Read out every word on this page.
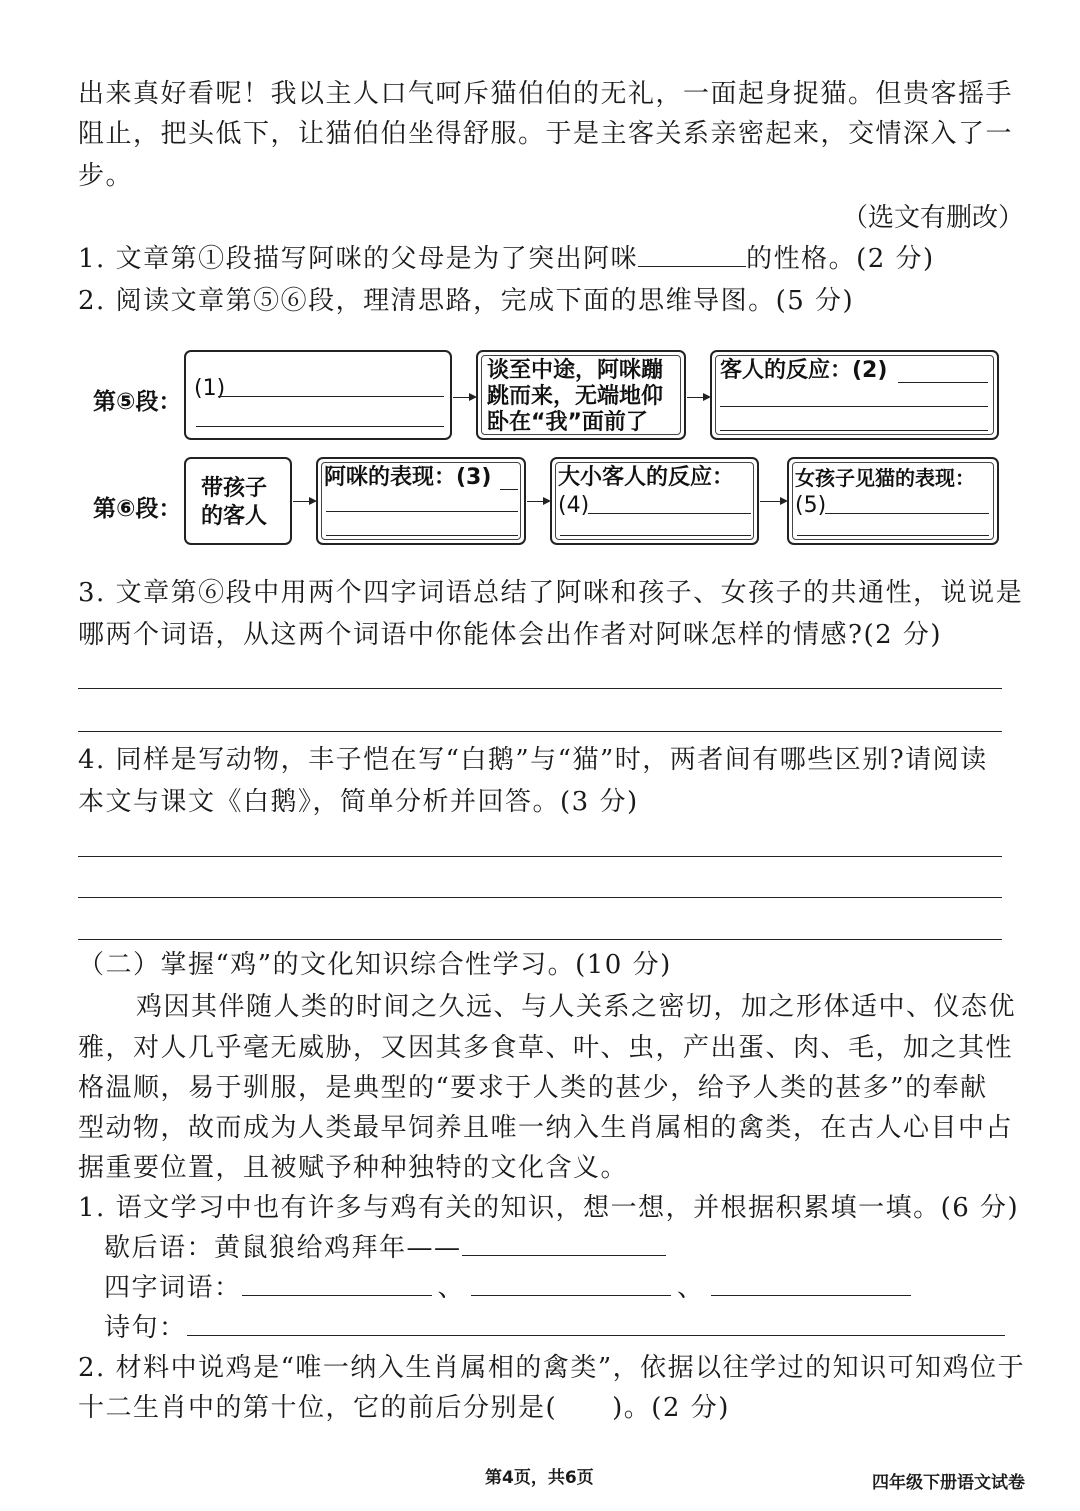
出来真好看呢！我以主人口气呵斥猫伯伯的无礼，一面起身捉猫。但贵客摇手
阻止，把头低下，让猫伯伯坐得舒服。于是主客关系亲密起来，交情深入了一
步。
（选文有删改）
1. 文章第①段描写阿咪的父母是为了突出阿咪	的性格。(2 分)
2. 阅读文章第⑤⑥段，理清思路，完成下面的思维导图。(5 分)
第⑤段：
(1)
谈至中途，阿咪蹦
跳而来，无端地仰
卧在“我”面前了
客人的反应：(2)
第⑥段：
带孩子
的客人
阿咪的表现：(3)	大小客人的反应：
(4)
女孩子见猫的表现：
(5)
3. 文章第⑥段中用两个四字词语总结了阿咪和孩子、女孩子的共通性，说说是
哪两个词语，从这两个词语中你能体会出作者对阿咪怎样的情感?(2 分)
4. 同样是写动物，丰子恺在写“白鹅”与“猫”时，两者间有哪些区别?请阅读
本文与课文《白鹅》，简单分析并回答。(3 分)
（二）掌握“鸡”的文化知识综合性学习。(10 分)
鸡因其伴随人类的时间之久远、与人关系之密切，加之形体适中、仪态优
雅，对人几乎毫无威胁，又因其多食草、叶、虫，产出蛋、肉、毛，加之其性
格温顺，易于驯服，是典型的“要求于人类的甚少，给予人类的甚多”的奉献
型动物，故而成为人类最早饲养且唯一纳入生肖属相的禽类，在古人心目中占
据重要位置，且被赋予种种独特的文化含义。
1. 语文学习中也有许多与鸡有关的知识，想一想，并根据积累填一填。(6 分)
歇后语：黄鼠狼给鸡拜年——
四字词语：	、	、
诗句：
2. 材料中说鸡是“唯一纳入生肖属相的禽类”，依据以往学过的知识可知鸡位于
十二生肖中的第十位，它的前后分别是(　　)。(2 分)
第4页，共6页	四年级下册语文试卷
